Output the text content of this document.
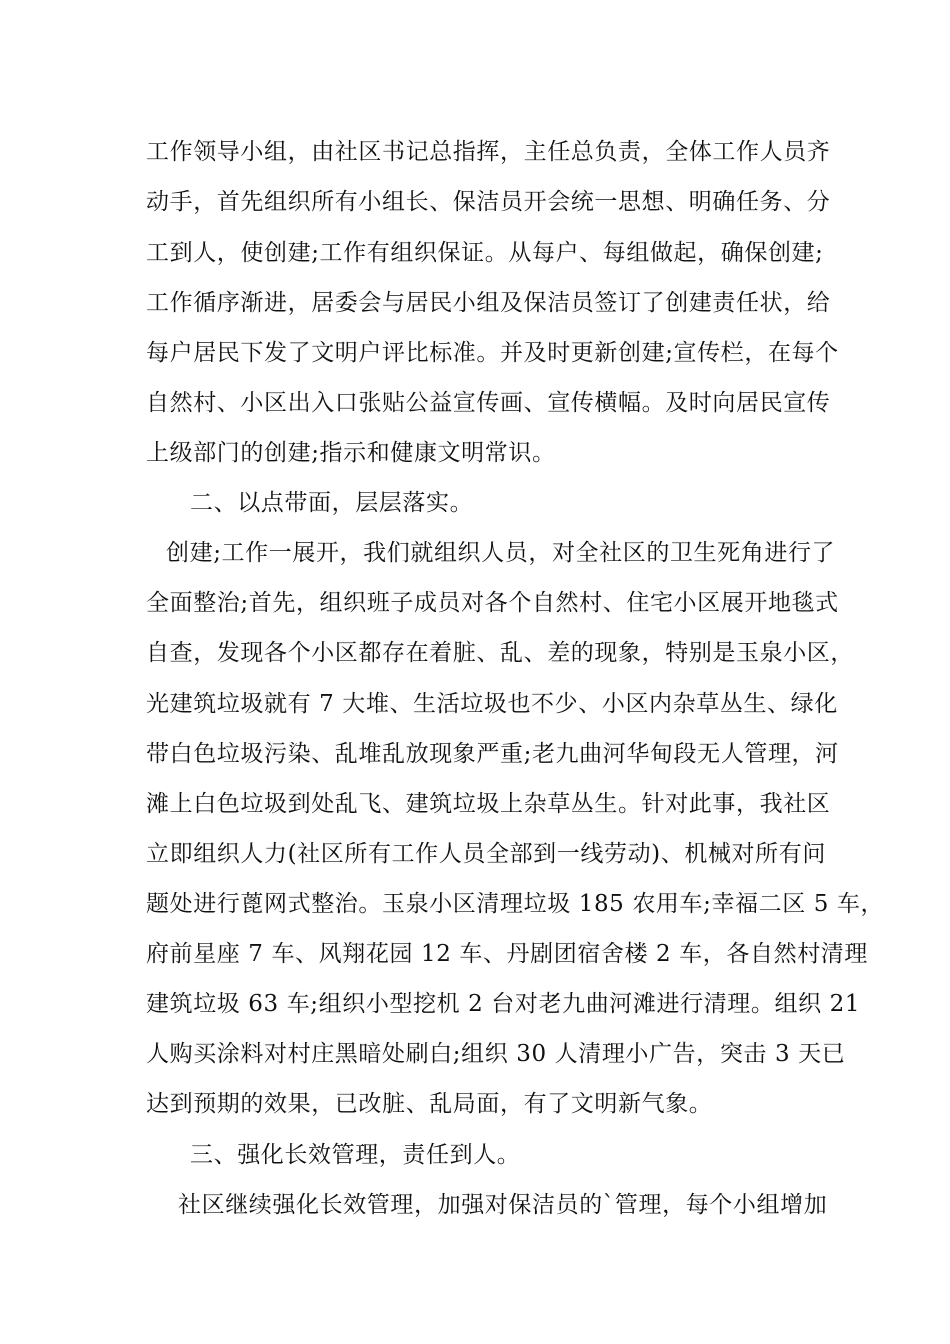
工作领导小组，由社区书记总指挥，主任总负责，全体工作人员齐
动手，首先组织所有小组长、保洁员开会统一思想、明确任务、分
工到人，使创建;工作有组织保证。从每户、每组做起，确保创建;
工作循序渐进，居委会与居民小组及保洁员签订了创建责任状，给
每户居民下发了文明户评比标准。并及时更新创建;宣传栏，在每个
自然村、小区出入口张贴公益宣传画、宣传横幅。及时向居民宣传
上级部门的创建;指示和健康文明常识。
二、以点带面，层层落实。
创建;工作一展开，我们就组织人员，对全社区的卫生死角进行了
全面整治;首先，组织班子成员对各个自然村、住宅小区展开地毯式
自查，发现各个小区都存在着脏、乱、差的现象，特别是玉泉小区，
光建筑垃圾就有 7 大堆、生活垃圾也不少、小区内杂草丛生、绿化
带白色垃圾污染、乱堆乱放现象严重;老九曲河华甸段无人管理，河
滩上白色垃圾到处乱飞、建筑垃圾上杂草丛生。针对此事，我社区
立即组织人力(社区所有工作人员全部到一线劳动)、机械对所有问
题处进行蓖网式整治。玉泉小区清理垃圾 185 农用车;幸福二区 5 车，
府前星座 7 车、风翔花园 12 车、丹剧团宿舍楼 2 车，各自然村清理
建筑垃圾 63 车;组织小型挖机 2 台对老九曲河滩进行清理。组织 21
人购买涂料对村庄黑暗处刷白;组织 30 人清理小广告，突击 3 天已
达到预期的效果，已改脏、乱局面，有了文明新气象。
三、强化长效管理，责任到人。
社区继续强化长效管理，加强对保洁员的`管理，每个小组增加
